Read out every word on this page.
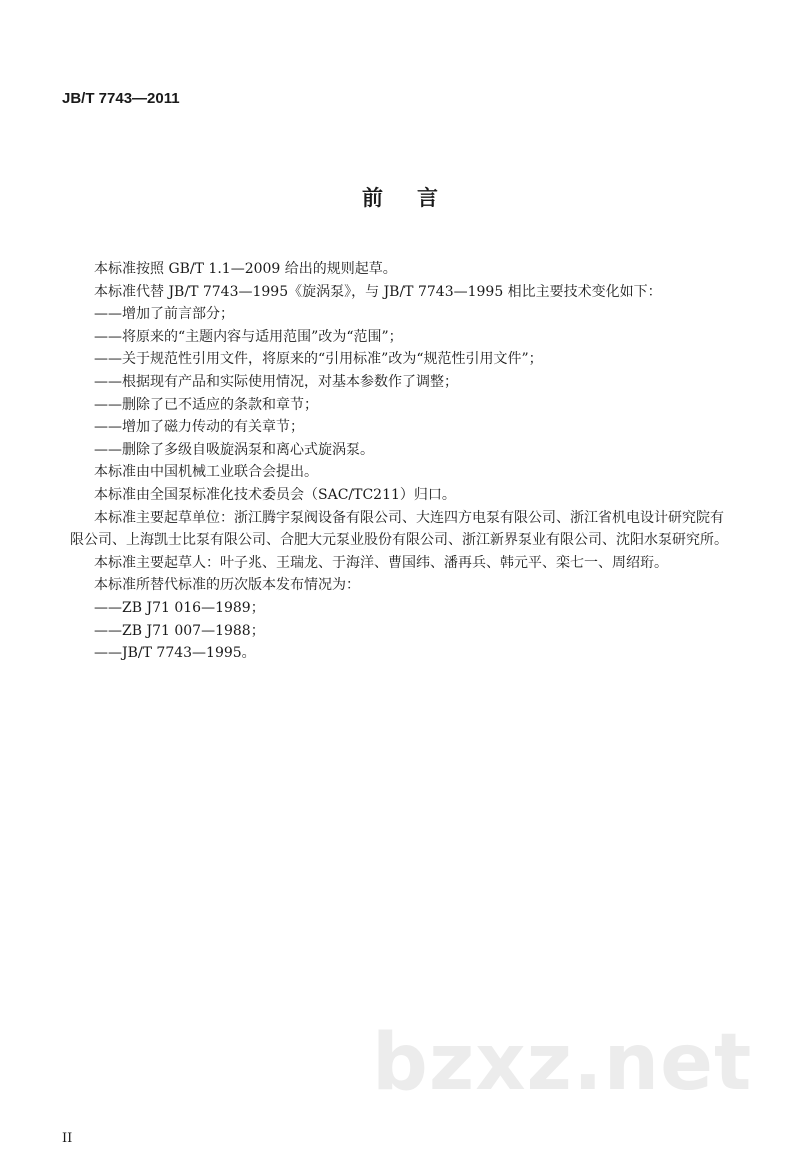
JB/T 7743—2011
前言

本标准按照 GB/T 1.1—2009 给出的规则起草。

本标准代替 JB/T 7743—1995《旋涡泵》，与 JB/T 7743—1995 相比主要技术变化如下：

——增加了前言部分；

——将原来的“主题内容与适用范围”改为“范围”；

——关于规范性引用文件，将原来的“引用标准”改为“规范性引用文件”；

——根据现有产品和实际使用情况，对基本参数作了调整；

——删除了已不适应的条款和章节；

——增加了磁力传动的有关章节；

——删除了多级自吸旋涡泵和离心式旋涡泵。

本标准由中国机械工业联合会提出。

本标准由全国泵标准化技术委员会（SAC/TC211）归口。

本标准主要起草单位：浙江腾宇泵阀设备有限公司、大连四方电泵有限公司、浙江省机电设计研究院有限公司、上海凯士比泵有限公司、合肥大元泵业股份有限公司、浙江新界泵业有限公司、沈阳水泵研究所。

本标准主要起草人：叶子兆、王瑞龙、于海洋、曹国纬、潘再兵、韩元平、栾七一、周绍珩。

本标准所替代标准的历次版本发布情况为：

——ZB J71 016—1989；

——ZB J71 007—1988；

——JB/T 7743—1995。

bzxz.net
II
